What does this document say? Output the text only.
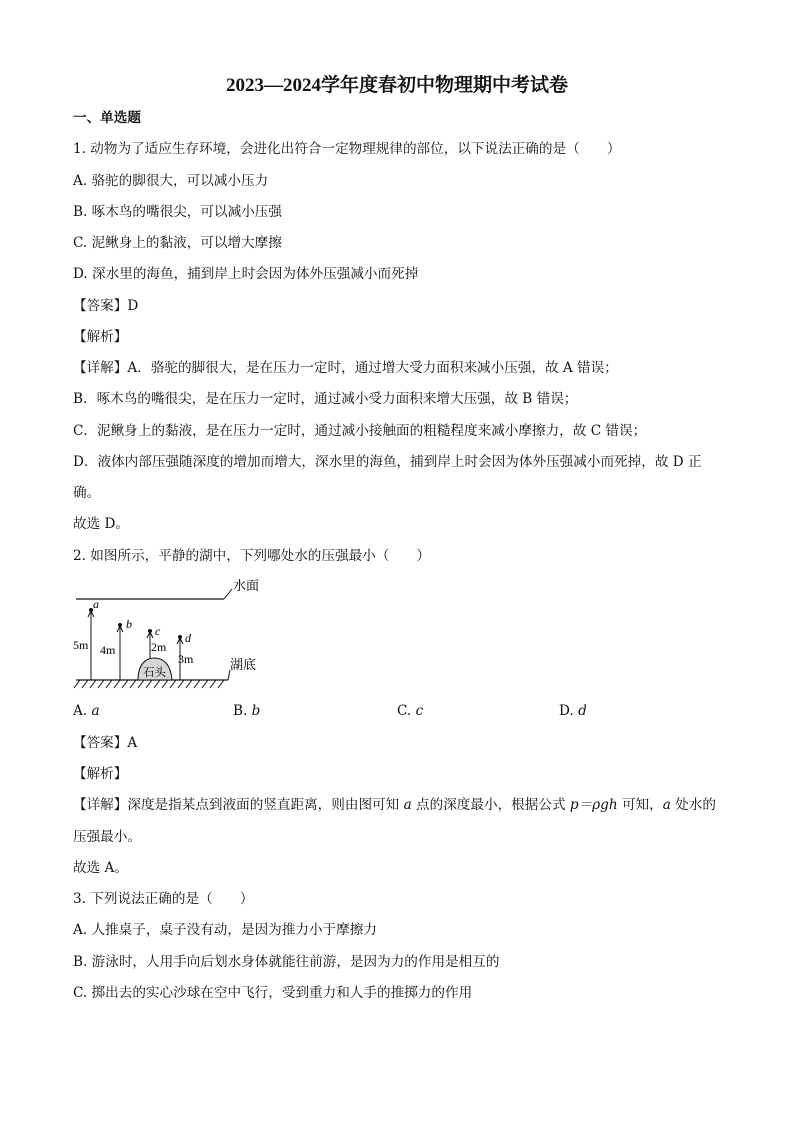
2023—2024学年度春初中物理期中考试卷
一、单选题
1. 动物为了适应生存环境，会进化出符合一定物理规律的部位，以下说法正确的是（　　）
A. 骆驼的脚很大，可以减小压力
B. 啄木鸟的嘴很尖，可以减小压强
C. 泥鳅身上的黏液，可以增大摩擦
D. 深水里的海鱼，捕到岸上时会因为体外压强减小而死掉
【答案】D
【解析】
【详解】A．骆驼的脚很大，是在压力一定时，通过增大受力面积来减小压强，故 A 错误；
B．啄木鸟的嘴很尖，是在压力一定时，通过减小受力面积来增大压强，故 B 错误；
C．泥鳅身上的黏液，是在压力一定时，通过减小接触面的粗糙程度来减小摩擦力，故 C 错误；
D．液体内部压强随深度的增加而增大，深水里的海鱼，捕到岸上时会因为体外压强减小而死掉，故 D 正
确。
故选 D。
2. 如图所示，平静的湖中，下列哪处水的压强最小（　　）
水面
湖底
石头
a
5m
b
4m
c
2m
d
3m
A. a	B. b	C. c	D. d
【答案】A
【解析】
【详解】深度是指某点到液面的竖直距离，则由图可知 a 点的深度最小，根据公式 p＝ρgh 可知，a 处水的
压强最小。
故选 A。
3. 下列说法正确的是（　　）
A. 人推桌子，桌子没有动，是因为推力小于摩擦力
B. 游泳时，人用手向后划水身体就能往前游，是因为力的作用是相互的
C. 掷出去的实心沙球在空中飞行，受到重力和人手的推掷力的作用
